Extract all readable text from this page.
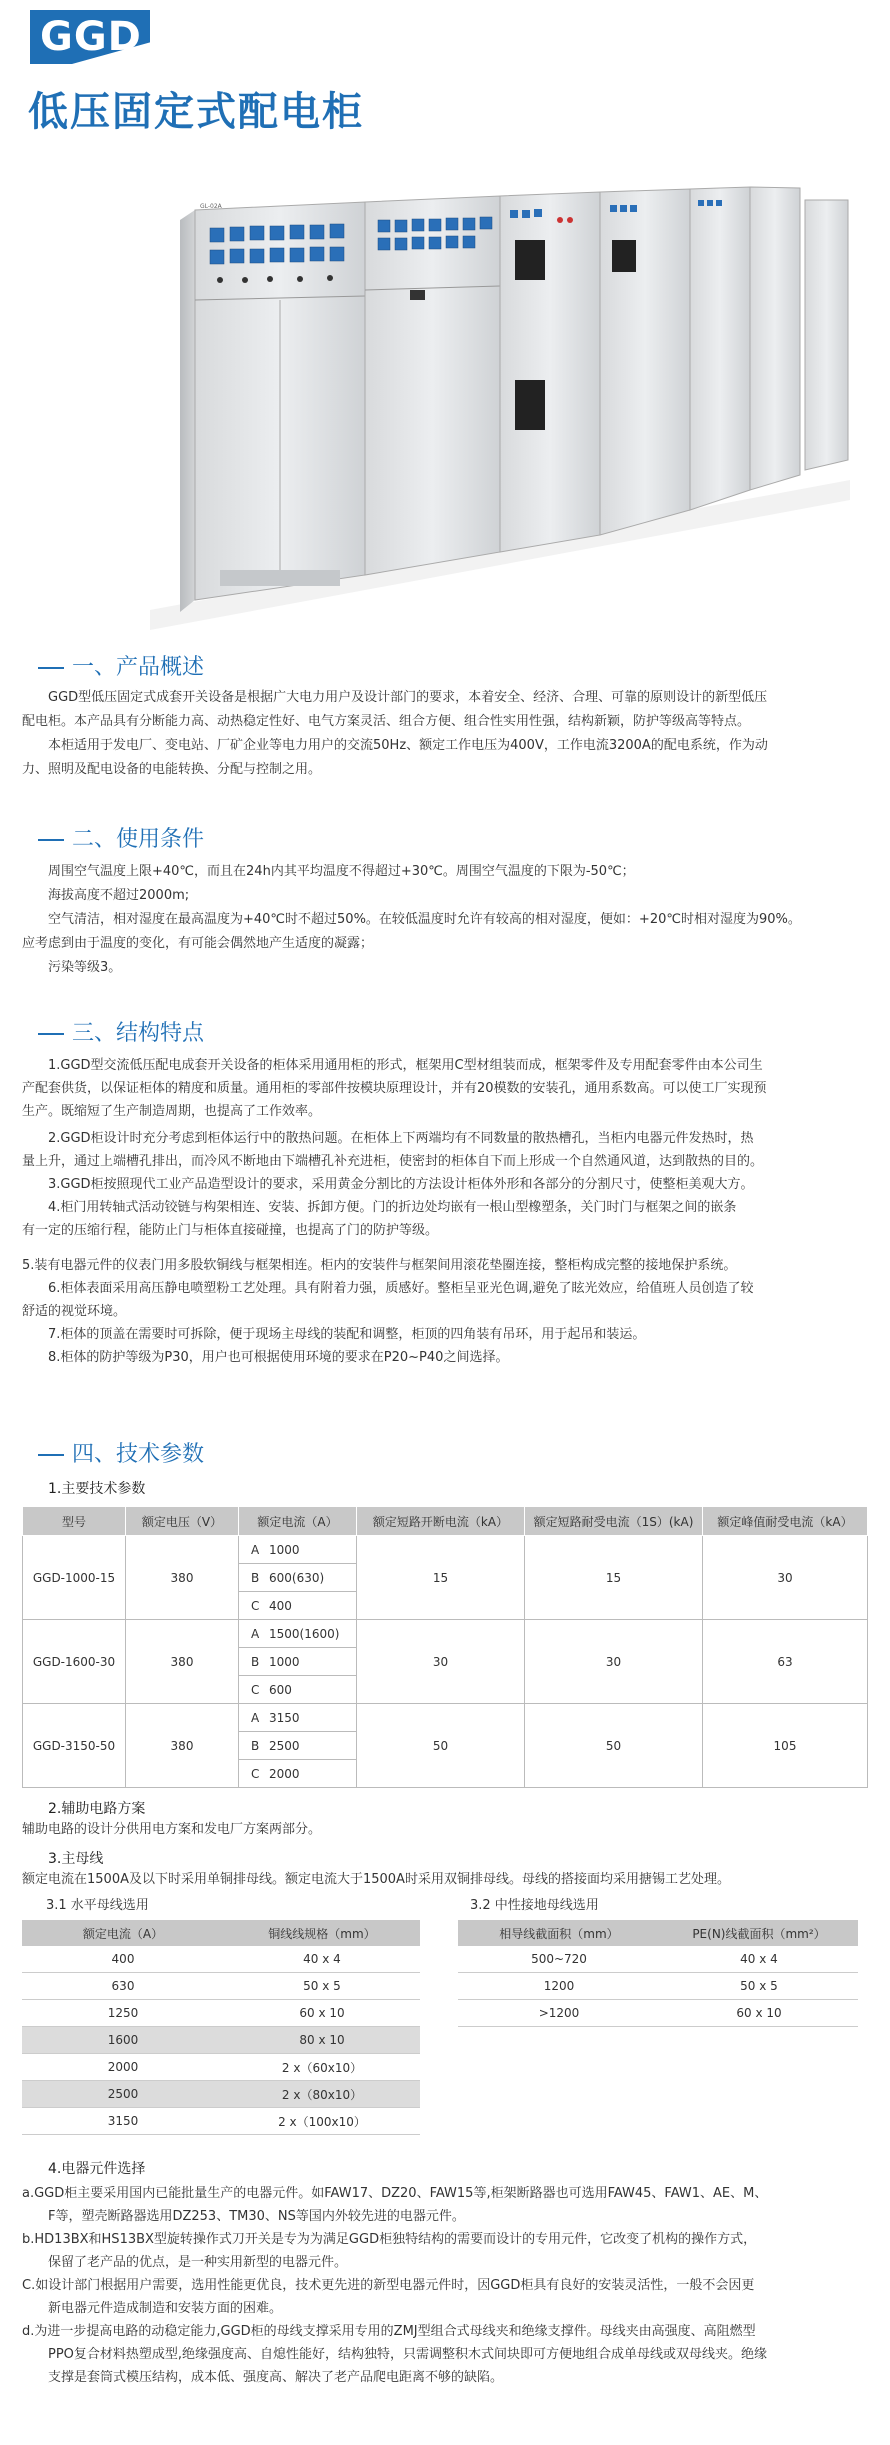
GGD
低压固定式配电柜
GL-02A
一、产品概述

GGD型低压固定式成套开关设备是根据广大电力用户及设计部门的要求，本着安全、经济、合理、可靠的原则设计的新型低压

配电柜。本产品具有分断能力高、动热稳定性好、电气方案灵活、组合方便、组合性实用性强，结构新颖，防护等级高等特点。

本柜适用于发电厂、变电站、厂矿企业等电力用户的交流50Hz、额定工作电压为400V，工作电流3200A的配电系统，作为动

力、照明及配电设备的电能转换、分配与控制之用。

二、使用条件

周围空气温度上限+40℃，而且在24h内其平均温度不得超过+30℃。周围空气温度的下限为-50℃；

海拔高度不超过2000m;

空气清洁，相对湿度在最高温度为+40℃时不超过50%。在较低温度时允许有较高的相对湿度，便如：+20℃时相对湿度为90%。

应考虑到由于温度的变化，有可能会偶然地产生适度的凝露；

污染等级3。

三、结构特点

1.GGD型交流低压配电成套开关设备的柜体采用通用柜的形式，框架用C型材组装而成，框架零件及专用配套零件由本公司生

产配套供货，以保证柜体的精度和质量。通用柜的零部件按模块原理设计，并有20模数的安装孔，通用系数高。可以使工厂实现预

生产。既缩短了生产制造周期，也提高了工作效率。

2.GGD柜设计时充分考虑到柜体运行中的散热问题。在柜体上下两端均有不同数量的散热槽孔，当柜内电器元件发热时，热

量上升，通过上端槽孔排出，而冷风不断地由下端槽孔补充进柜，使密封的柜体自下而上形成一个自然通风道，达到散热的目的。

3.GGD柜按照现代工业产品造型设计的要求，采用黄金分割比的方法设计柜体外形和各部分的分割尺寸，使整柜美观大方。

4.柜门用转轴式活动铰链与构架相连、安装、拆卸方便。门的折边处均嵌有一根山型橡塑条，关门时门与框架之间的嵌条

有一定的压缩行程，能防止门与柜体直接碰撞，也提高了门的防护等级。

5.装有电器元件的仪表门用多股软铜线与框架相连。柜内的安装件与框架间用滚花垫圈连接，整柜构成完整的接地保护系统。

6.柜体表面采用高压静电喷塑粉工艺处理。具有附着力强，质感好。整柜呈亚光色调,避免了眩光效应，给值班人员创造了较

舒适的视觉环境。

7.柜体的顶盖在需要时可拆除，便于现场主母线的装配和调整，柜顶的四角装有吊环，用于起吊和装运。

8.柜体的防护等级为P30，用户也可根据使用环境的要求在P20~P40之间选择。

四、技术参数
1.主要技术参数
型号	额定电压（V）	额定电流（A）	额定短路开断电流（kA）	额定短路耐受电流（1S）(kA)	额定峰值耐受电流（kA）
GGD-1000-15	380	A 1000	15	15	30
		B 600(630)			
		C 400			
GGD-1600-30	380	A 1500(1600)	30	30	63
		B 1000			
		C 600			
GGD-3150-50	380	A 3150	50	50	105
		B 2500			
		C 2000			
2.辅助电路方案
辅助电路的设计分供用电方案和发电厂方案两部分。
3.主母线
额定电流在1500A及以下时采用单铜排母线。额定电流大于1500A时采用双铜排母线。母线的搭接面均采用搪锡工艺处理。
3.1 水平母线选用
额定电流（A）	铜线线规格（mm）
400	40 x 4
630	50 x 5
1250	60 x 10
1600	80 x 10
2000	2 x（60x10）
2500	2 x（80x10）
3150	2 x（100x10）
3.2 中性接地母线选用
相导线截面积（mm）	PE(N)线截面积（mm²）
500~720	40 x 4
1200	50 x 5
>1200	60 x 10
4.电器元件选择

a.GGD柜主要采用国内已能批量生产的电器元件。如FAW17、DZ20、FAW15等,柜架断路器也可选用FAW45、FAW1、AE、M、

F等，塑壳断路器选用DZ253、TM30、NS等国内外较先进的电器元件。

b.HD13BX和HS13BX型旋转操作式刀开关是专为为满足GGD柜独特结构的需要而设计的专用元件，它改变了机构的操作方式，

保留了老产品的优点，是一种实用新型的电器元件。

C.如设计部门根据用户需要，选用性能更优良，技术更先进的新型电器元件时，因GGD柜具有良好的安装灵活性，一般不会因更

新电器元件造成制造和安装方面的困难。

d.为进一步提高电路的动稳定能力,GGD柜的母线支撑采用专用的ZMJ型组合式母线夹和绝缘支撑件。母线夹由高强度、高阻燃型

PPO复合材料热塑成型,绝缘强度高、自熄性能好，结构独特，只需调整积木式间块即可方便地组合成单母线或双母线夹。绝缘

支撑是套筒式模压结构，成本低、强度高、解决了老产品爬电距离不够的缺陷。
